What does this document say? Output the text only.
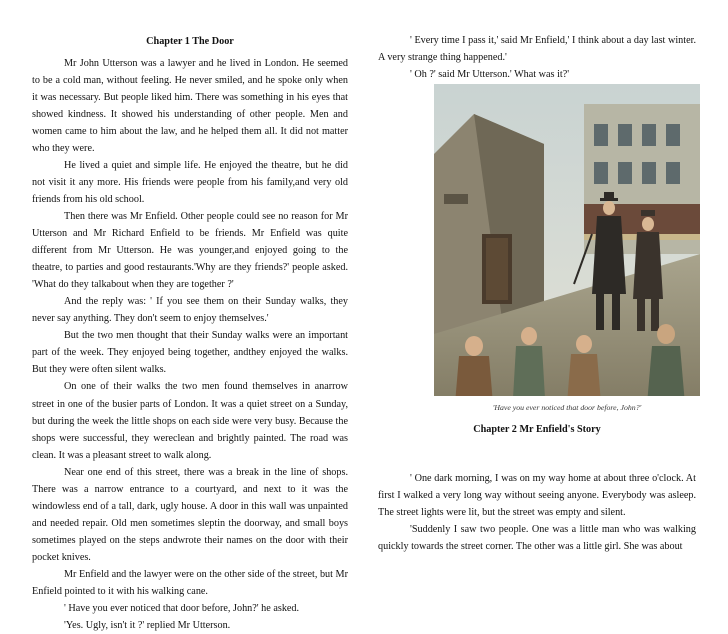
Chapter 1 The Door

Mr John Utterson was a lawyer and he lived in London. He seemed to be a cold man, without feeling. He never smiled, and he spoke only when it was necessary. But people liked him. There was something in his eyes that showed kindness. It showed his understanding of other people. Men and women came to him about the law, and he helped them all. It did not matter who they were.

He lived a quiet and simple life. He enjoyed the theatre, but he did not visit it any more. His friends were people from his family,and very old friends from his old school.

Then there was Mr Enfield. Other people could see no reason for Mr Utterson and Mr Richard Enfield to be friends. Mr Enfield was quite different from Mr Utterson. He was younger,and enjoyed going to the theatre, to parties and good restaurants.'Why are they friends?' people asked. 'What do they talkabout when they are together ?'

And the reply was: ' If you see them on their Sunday walks, they never say anything. They don't seem to enjoy themselves.'

But the two men thought that their Sunday walks were an important part of the week. They enjoyed being together, andthey enjoyed the walks. But they were often silent walks.

On one of their walks the two men found themselves in anarrow street in one of the busier parts of London. It was a quiet street on a Sunday, but during the week the little shops on each side were very busy. Because the shops were successful, they wereclean and brightly painted. The road was clean. It was a pleasant street to walk along.

Near one end of this street, there was a break in the line of shops. There was a narrow entrance to a courtyard, and next to it was the windowless end of a tall, dark, ugly house. A door in this wall was unpainted and needed repair. Old men sometimes sleptin the doorway, and small boys sometimes played on the steps andwrote their names on the door with their pocket knives.

Mr Enfield and the lawyer were on the other side of the street, but Mr Enfield pointed to it with his walking cane.

' Have you ever noticed that door before, John?' he asked.

'Yes. Ugly, isn't it ?' replied Mr Utterson.

' Every time I pass it,' said Mr Enfield,' I think about a day last winter. A very strange thing happened.'

' Oh ?' said Mr Utterson.' What was it?'

Chapter 2 Mr Enfield's Story

' One dark morning, I was on my way home at about three o'clock. At first I walked a very long way without seeing anyone. Everybody was asleep. The street lights were lit, but the street was empty and silent.

'Suddenly I saw two people. One was a little man who was walking quickly towards the street corner. The other was a little girl. She was about

'Have you ever noticed that door before, John?'
